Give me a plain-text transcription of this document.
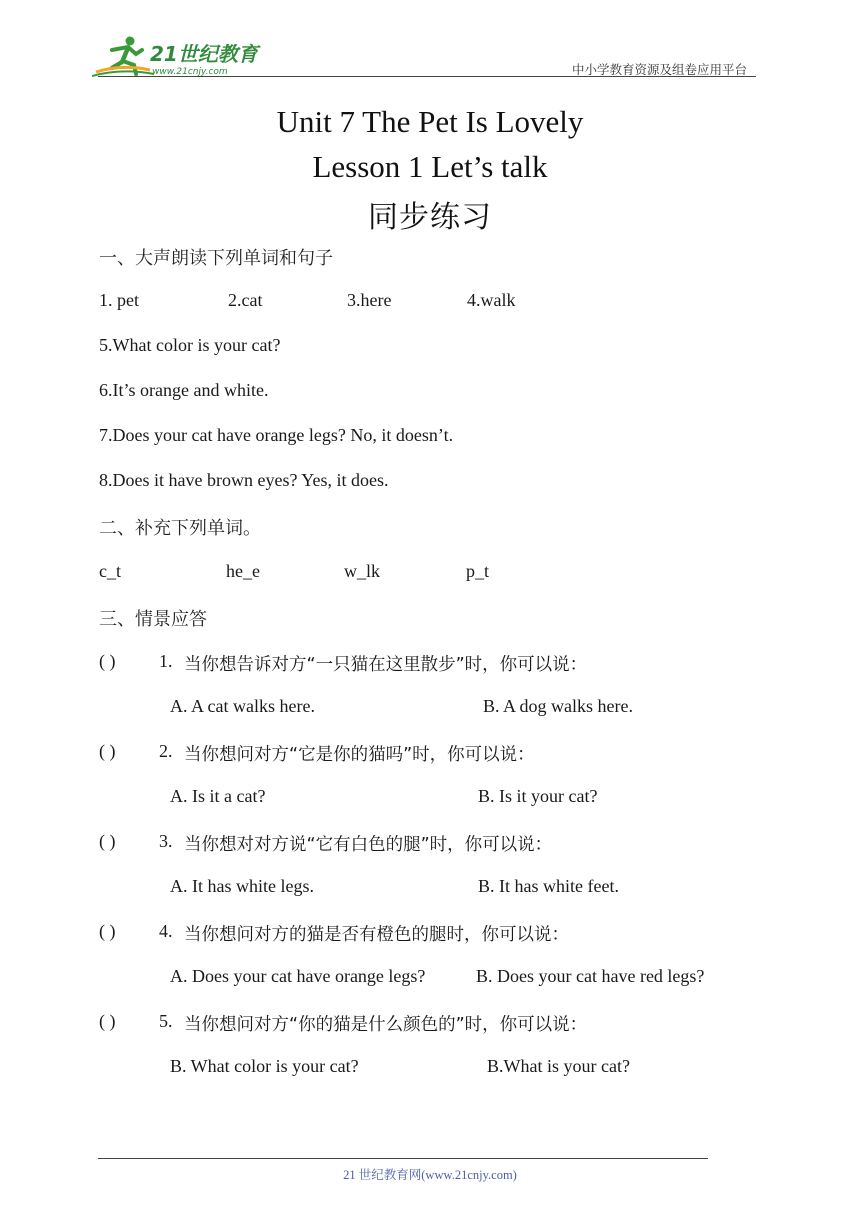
21世纪教育
www.21cnjy.com	中小学教育资源及组卷应用平台
Unit 7 The Pet Is Lovely
Lesson 1 Let’s talk
同步练习
一、大声朗读下列单词和句子
1. pet	2.cat	3.here	4.walk
5.What color is your cat?
6.It’s orange and white.
7.Does your cat have orange legs? No, it doesn’t.
8.Does it have brown eyes? Yes, it does.
二、补充下列单词。
c_t	he_e	w_lk	p_t
三、情景应答
( ) 1. 当你想告诉对方“一只猫在这里散步”时，你可以说：
A. A cat walks here.	B. A dog walks here.
( ) 2. 当你想问对方“它是你的猫吗”时，你可以说：
A. Is it a cat?	B. Is it your cat?
( ) 3. 当你想对对方说“它有白色的腿”时，你可以说：
A. It has white legs.	B. It has white feet.
( ) 4. 当你想问对方的猫是否有橙色的腿时，你可以说：
A. Does your cat have orange legs?	B. Does your cat have red legs?
( ) 5. 当你想问对方“你的猫是什么颜色的”时，你可以说：
B. What color is your cat?	B.What is your cat?
21 世纪教育网(www.21cnjy.com)
